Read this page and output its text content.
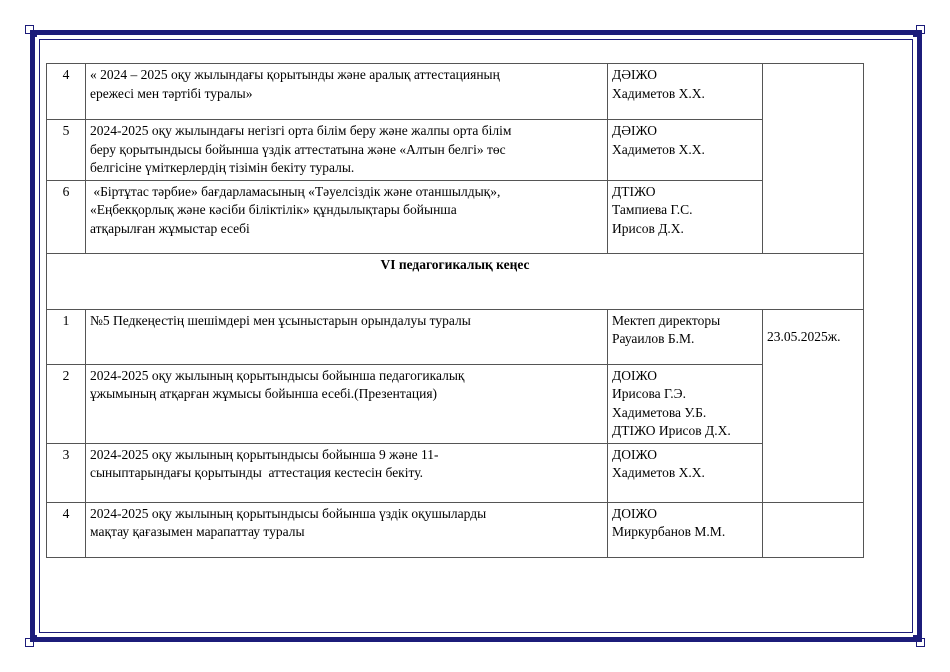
4	« 2024 – 2025 оқу жылындағы қорытынды және аралық аттестацияның
ережесі мен тәртібі туралы»	ДӘІЖО
Хадиметов Х.Х.	

5	2024-2025 оқу жылындағы негізгі орта білім беру және жалпы орта білім
беру қорытындысы бойынша үздік аттестатына және «Алтын белгі» төс
белгісіне үміткерлердің тізімін бекіту туралы.	ДӘІЖО
Хадиметов Х.Х.	

6	«Біртұтас тәрбие» бағдарламасының «Тәуелсіздік және отаншылдық»,
«Еңбекқорлық және кәсіби біліктілік» құндылықтары бойынша
атқарылған жұмыстар есебі	ДТІЖО
Тампиева Г.С.
Ирисов Д.Х.	

VI педагогикалық кеңес			
1	№5 Педкеңестің шешімдері мен ұсыныстарын орындалуы туралы	Мектеп директоры
Рауаилов Б.М.	23.05.2025ж.
2	2024-2025 оқу жылының қорытындысы бойынша педагогикалық
ұжымының атқарған жұмысы бойынша есебі.(Презентация)	ДОІЖО
Ирисова Г.Э.
Хадиметова У.Б.
ДТІЖО Ирисов Д.Х.	

3	2024-2025 оқу жылының қорытындысы бойынша 9 және 11-
сыныптарындағы қорытынды  аттестация кестесін бекіту.	ДОІЖО
Хадиметов Х.Х.	

4	2024-2025 оқу жылының қорытындысы бойынша үздік оқушыларды
мақтау қағазымен марапаттау туралы	ДОІЖО
Миркурбанов М.М.	
